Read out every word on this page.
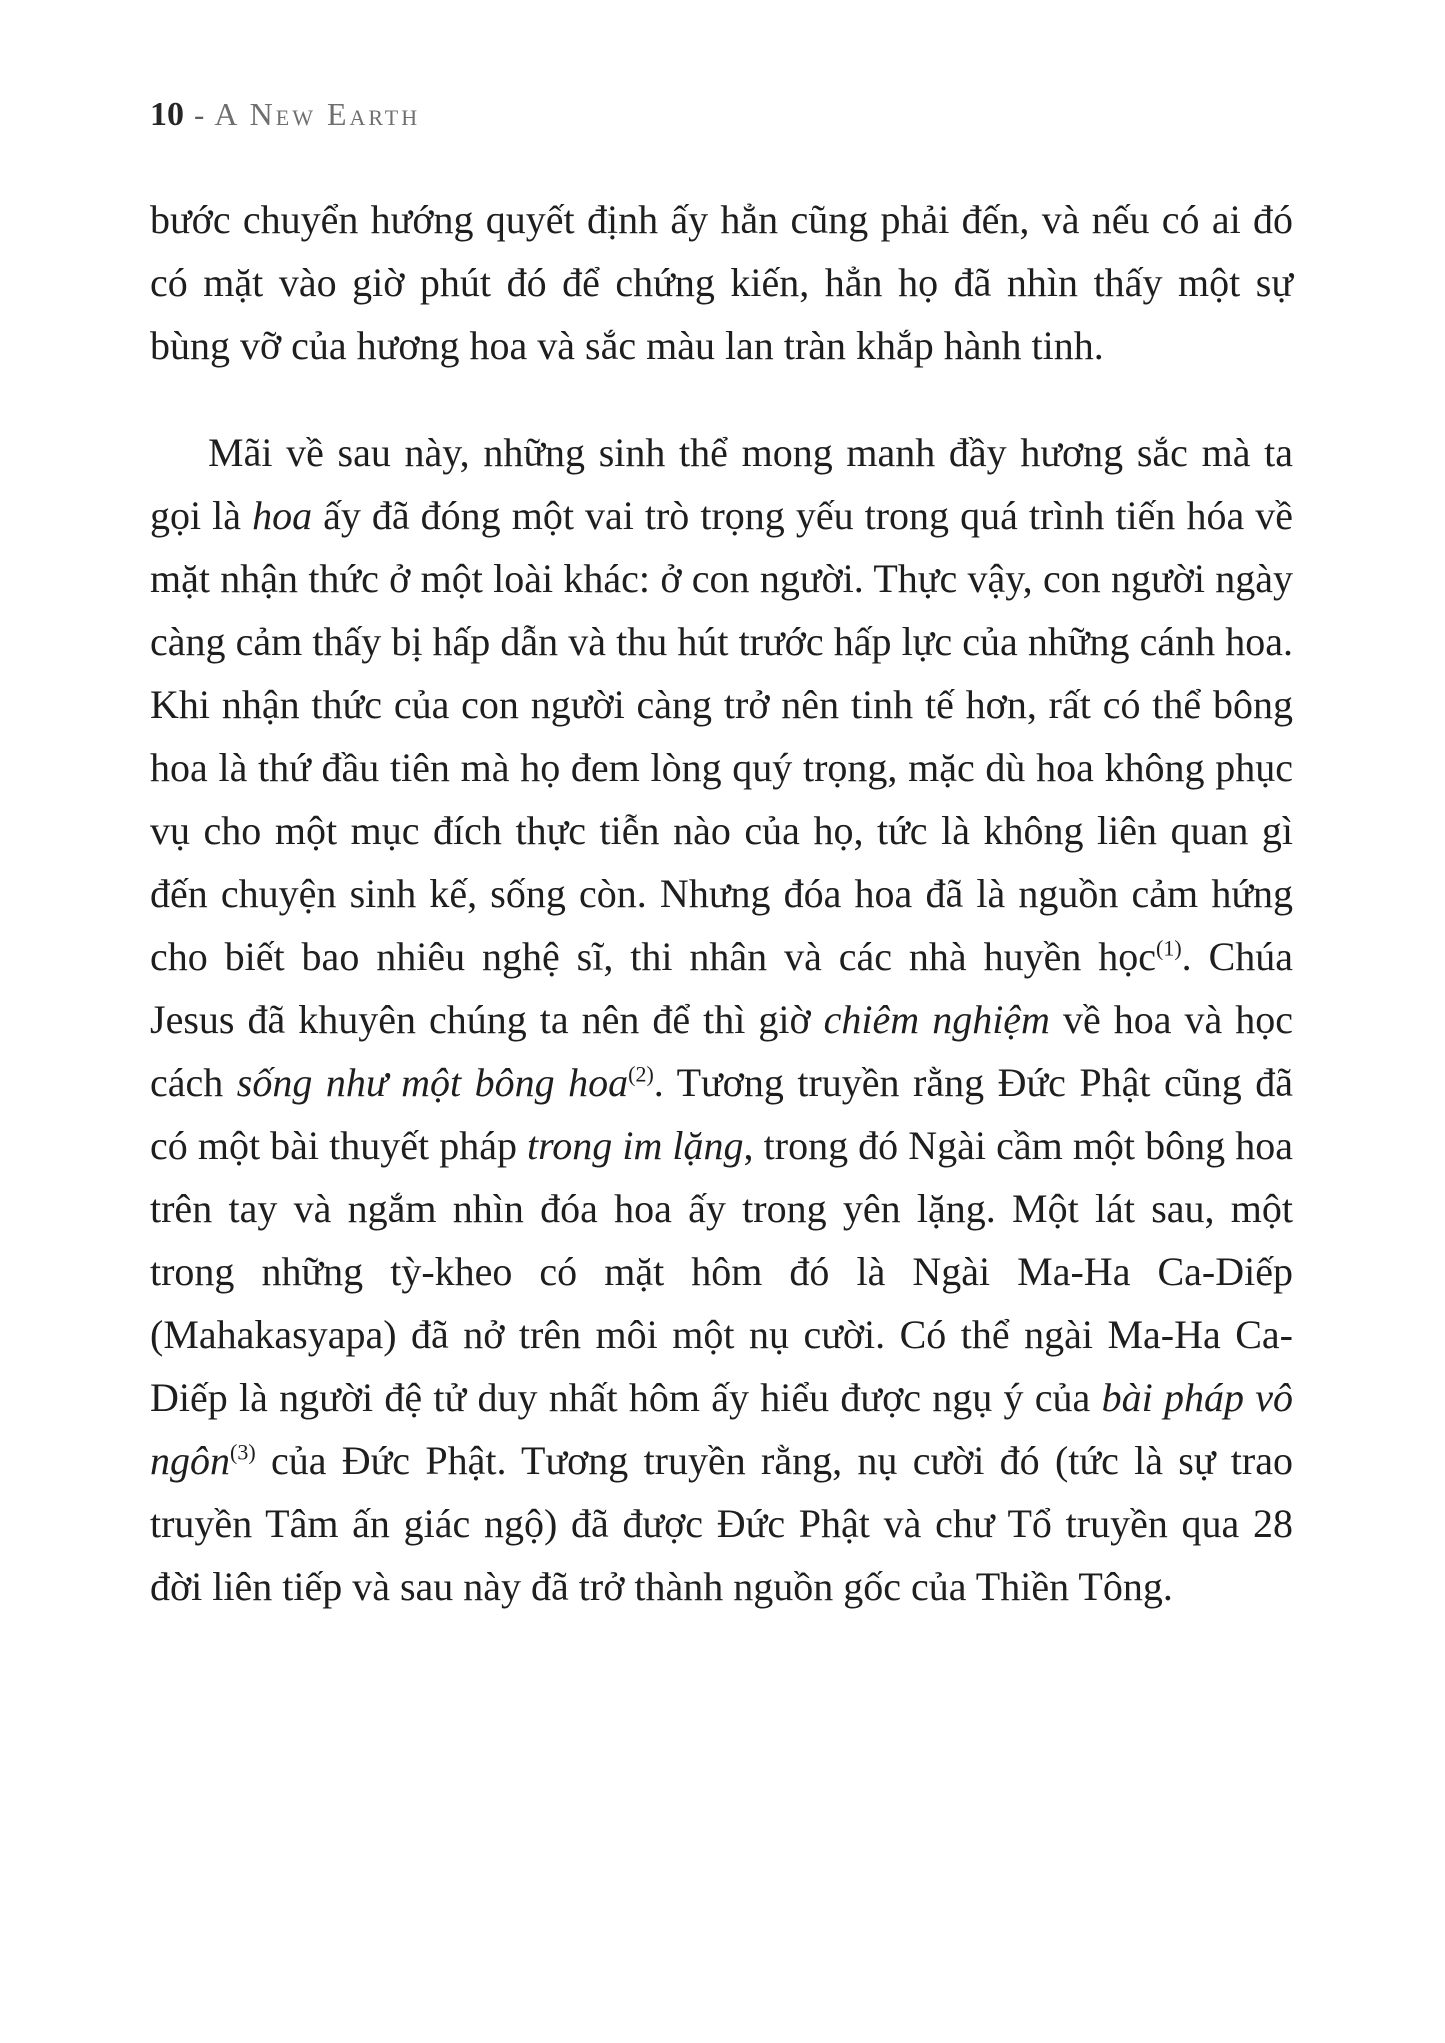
10 - A New Earth

bước chuyển hướng quyết định ấy hẳn cũng phải đến, và nếu có ai đó có mặt vào giờ phút đó để chứng kiến, hẳn họ đã nhìn thấy một sự bùng vỡ của hương hoa và sắc màu lan tràn khắp hành tinh.

Mãi về sau này, những sinh thể mong manh đầy hương sắc mà ta gọi là hoa ấy đã đóng một vai trò trọng yếu trong quá trình tiến hóa về mặt nhận thức ở một loài khác: ở con người. Thực vậy, con người ngày càng cảm thấy bị hấp dẫn và thu hút trước hấp lực của những cánh hoa. Khi nhận thức của con người càng trở nên tinh tế hơn, rất có thể bông hoa là thứ đầu tiên mà họ đem lòng quý trọng, mặc dù hoa không phục vụ cho một mục đích thực tiễn nào của họ, tức là không liên quan gì đến chuyện sinh kế, sống còn. Nhưng đóa hoa đã là nguồn cảm hứng cho biết bao nhiêu nghệ sĩ, thi nhân và các nhà huyền học$^{(1)}$. Chúa Jesus đã khuyên chúng ta nên để thì giờ chiêm nghiệm về hoa và học cách sống như một bông hoa$^{(2)}$. Tương truyền rằng Đức Phật cũng đã có một bài thuyết pháp trong im lặng, trong đó Ngài cầm một bông hoa trên tay và ngắm nhìn đóa hoa ấy trong yên lặng. Một lát sau, một trong những tỳ-kheo có mặt hôm đó là Ngài Ma-Ha Ca-Diếp (Mahakasyapa) đã nở trên môi một nụ cười. Có thể ngài Ma-Ha Ca-Diếp là người đệ tử duy nhất hôm ấy hiểu được ngụ ý của bài pháp vô ngôn$^{(3)}$ của Đức Phật. Tương truyền rằng, nụ cười đó (tức là sự trao truyền Tâm ấn giác ngộ) đã được Đức Phật và chư Tổ truyền qua 28 đời liên tiếp và sau này đã trở thành nguồn gốc của Thiền Tông.
